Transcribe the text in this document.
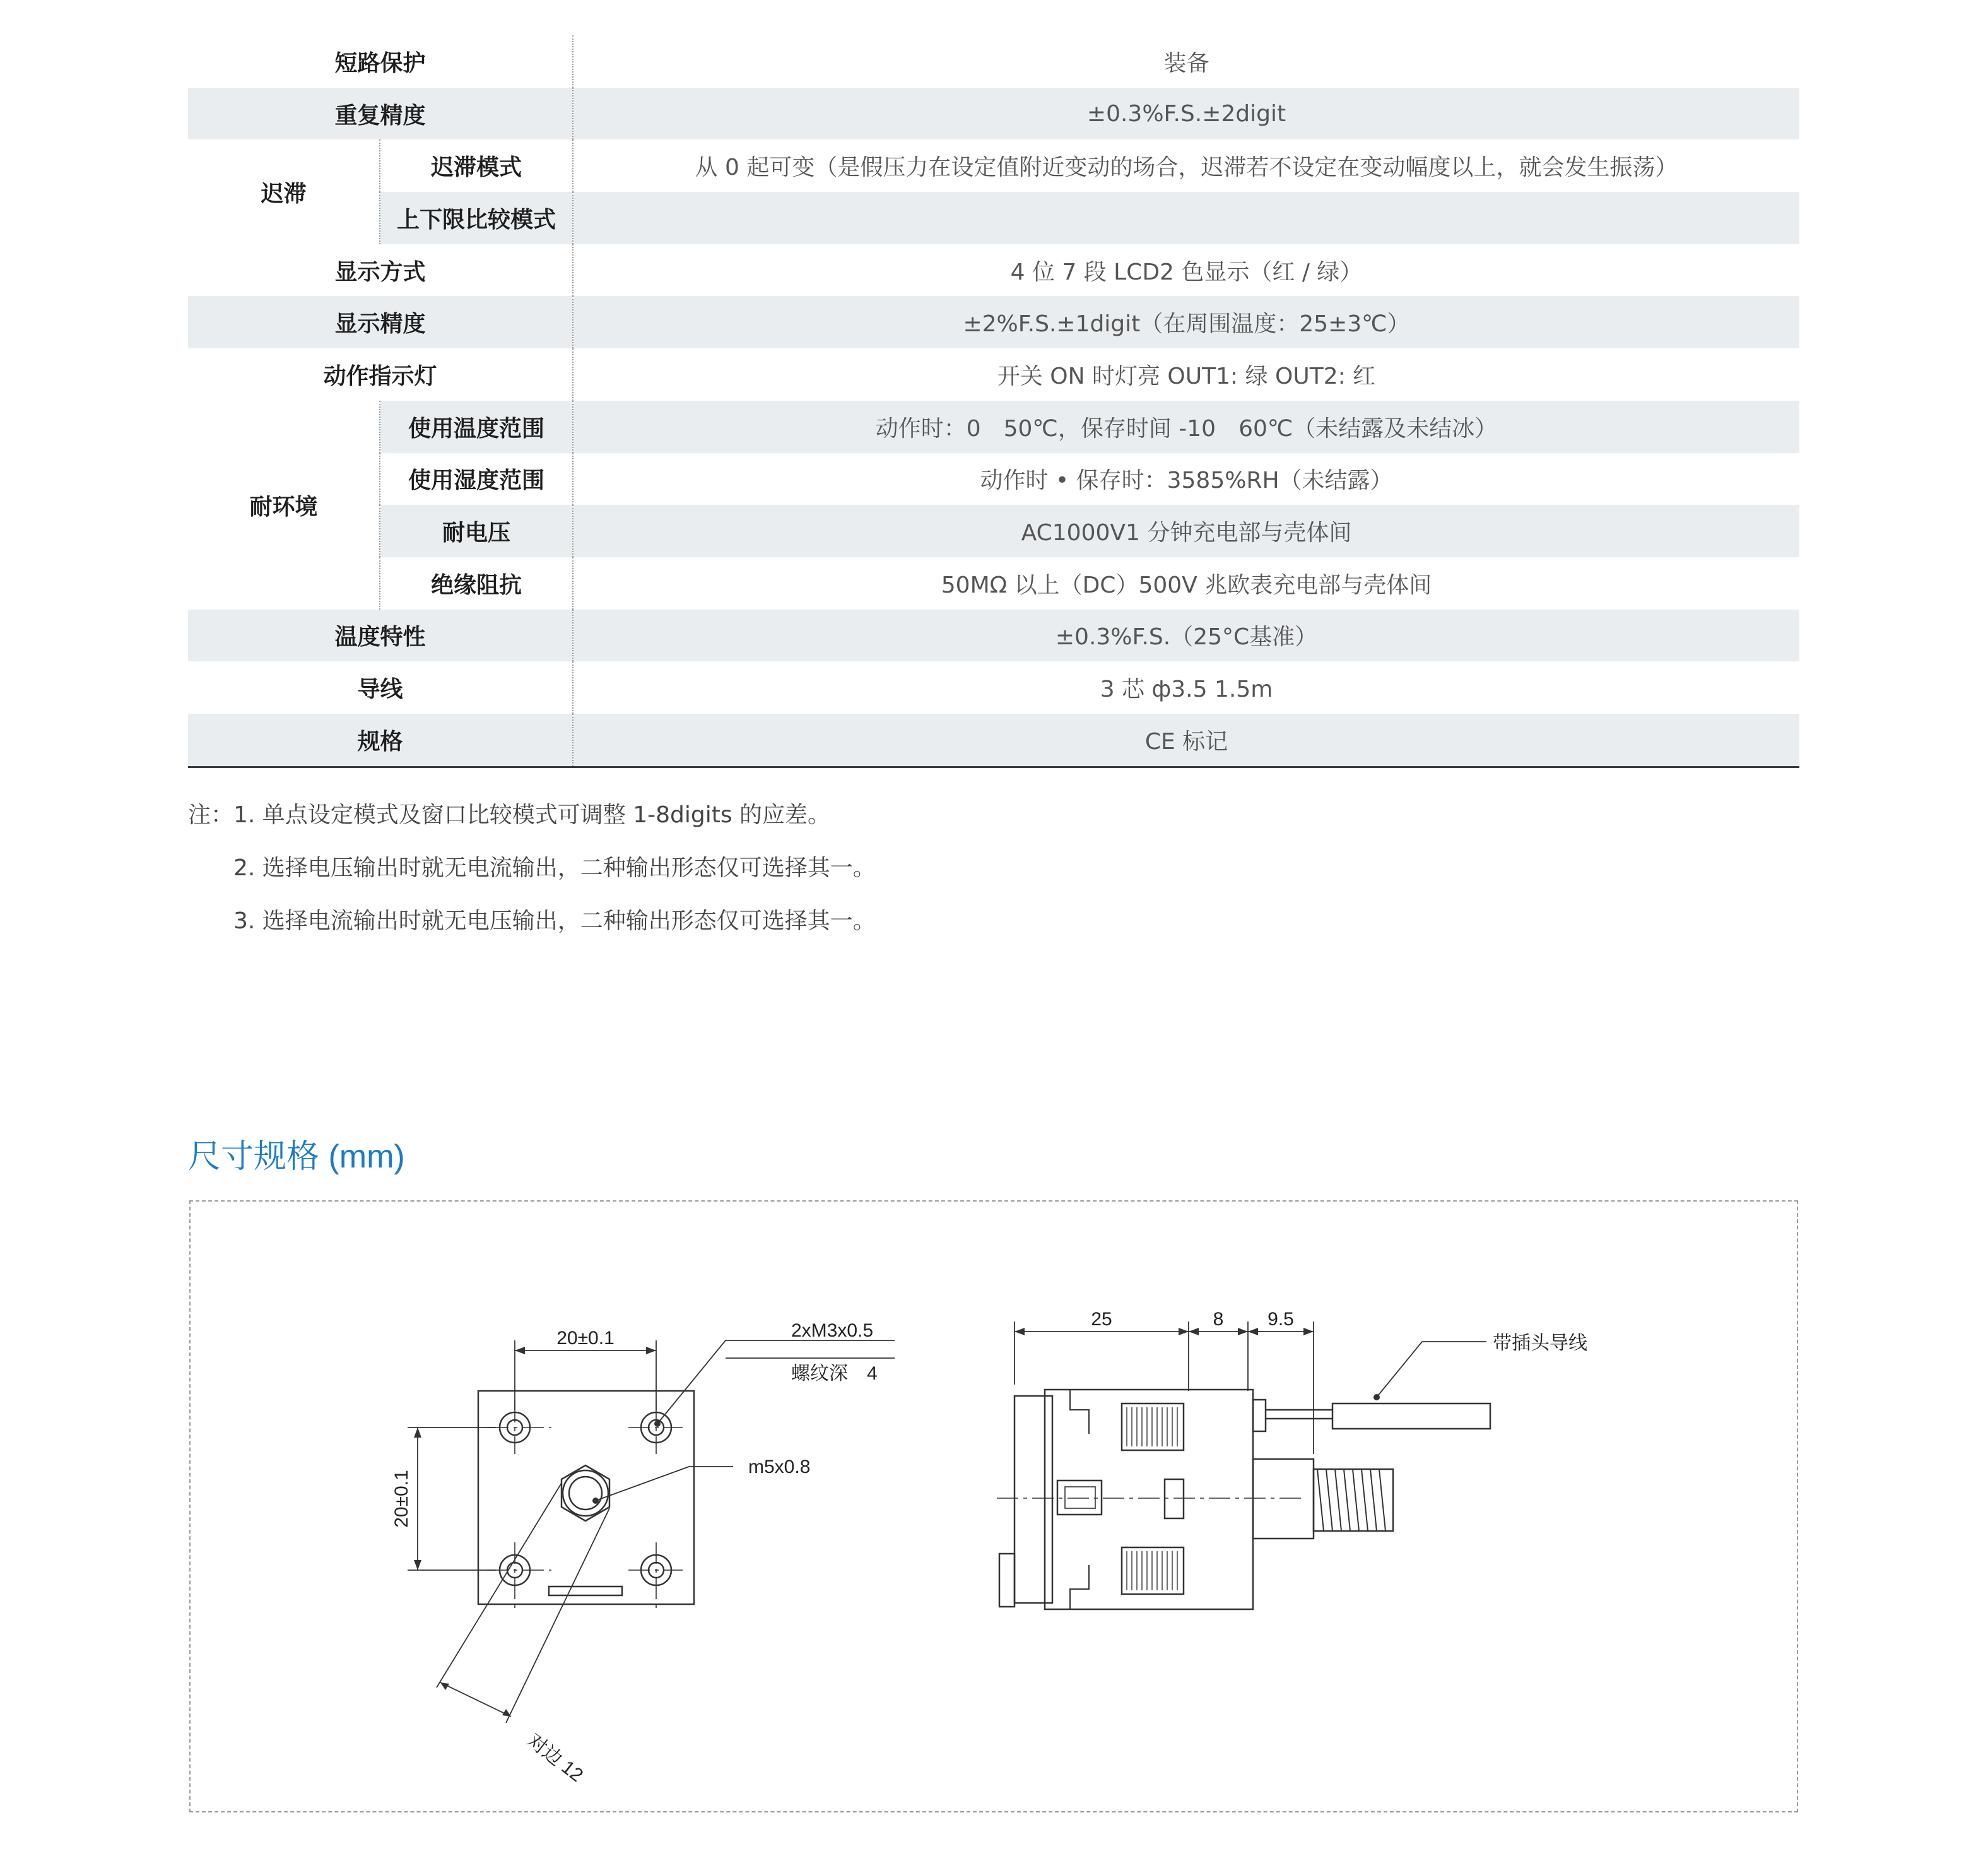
短路保护		装备
重复精度		±0.3%F.S.±2digit
迟滞	迟滞模式	从 0 起可变（是假压力在设定值附近变动的场合，迟滞若不设定在变动幅度以上，就会发生振荡）
	上下限比较模式	
显示方式		4 位 7 段 LCD2 色显示（红 / 绿）
显示精度		±2%F.S.±1digit（在周围温度：25±3℃）
动作指示灯		开关 ON 时灯亮 OUT1: 绿 OUT2: 红
耐环境	使用温度范围	动作时：0　50℃，保存时间 -10　60℃（未结露及未结冰）
	使用湿度范围	动作时 • 保存时：3585%RH（未结露）
	耐电压	AC1000V1 分钟充电部与壳体间
	绝缘阻抗	50MΩ 以上（DC）500V 兆欧表充电部与壳体间
温度特性		±0.3%F.S.（25°C基准）
导线		3 芯 ф3.5 1.5m
规格		CE 标记
注：1. 单点设定模式及窗口比较模式可调整 1-8digits 的应差。
2. 选择电压输出时就无电流输出，二种输出形态仅可选择其一。
3. 选择电流输出时就无电压输出，二种输出形态仅可选择其一。
尺寸规格 (mm)
20±0.1
20±0.1
2xM3x0.5
螺纹深　4
m5x0.8
对边 12
25	8 9.5
带插头导线
